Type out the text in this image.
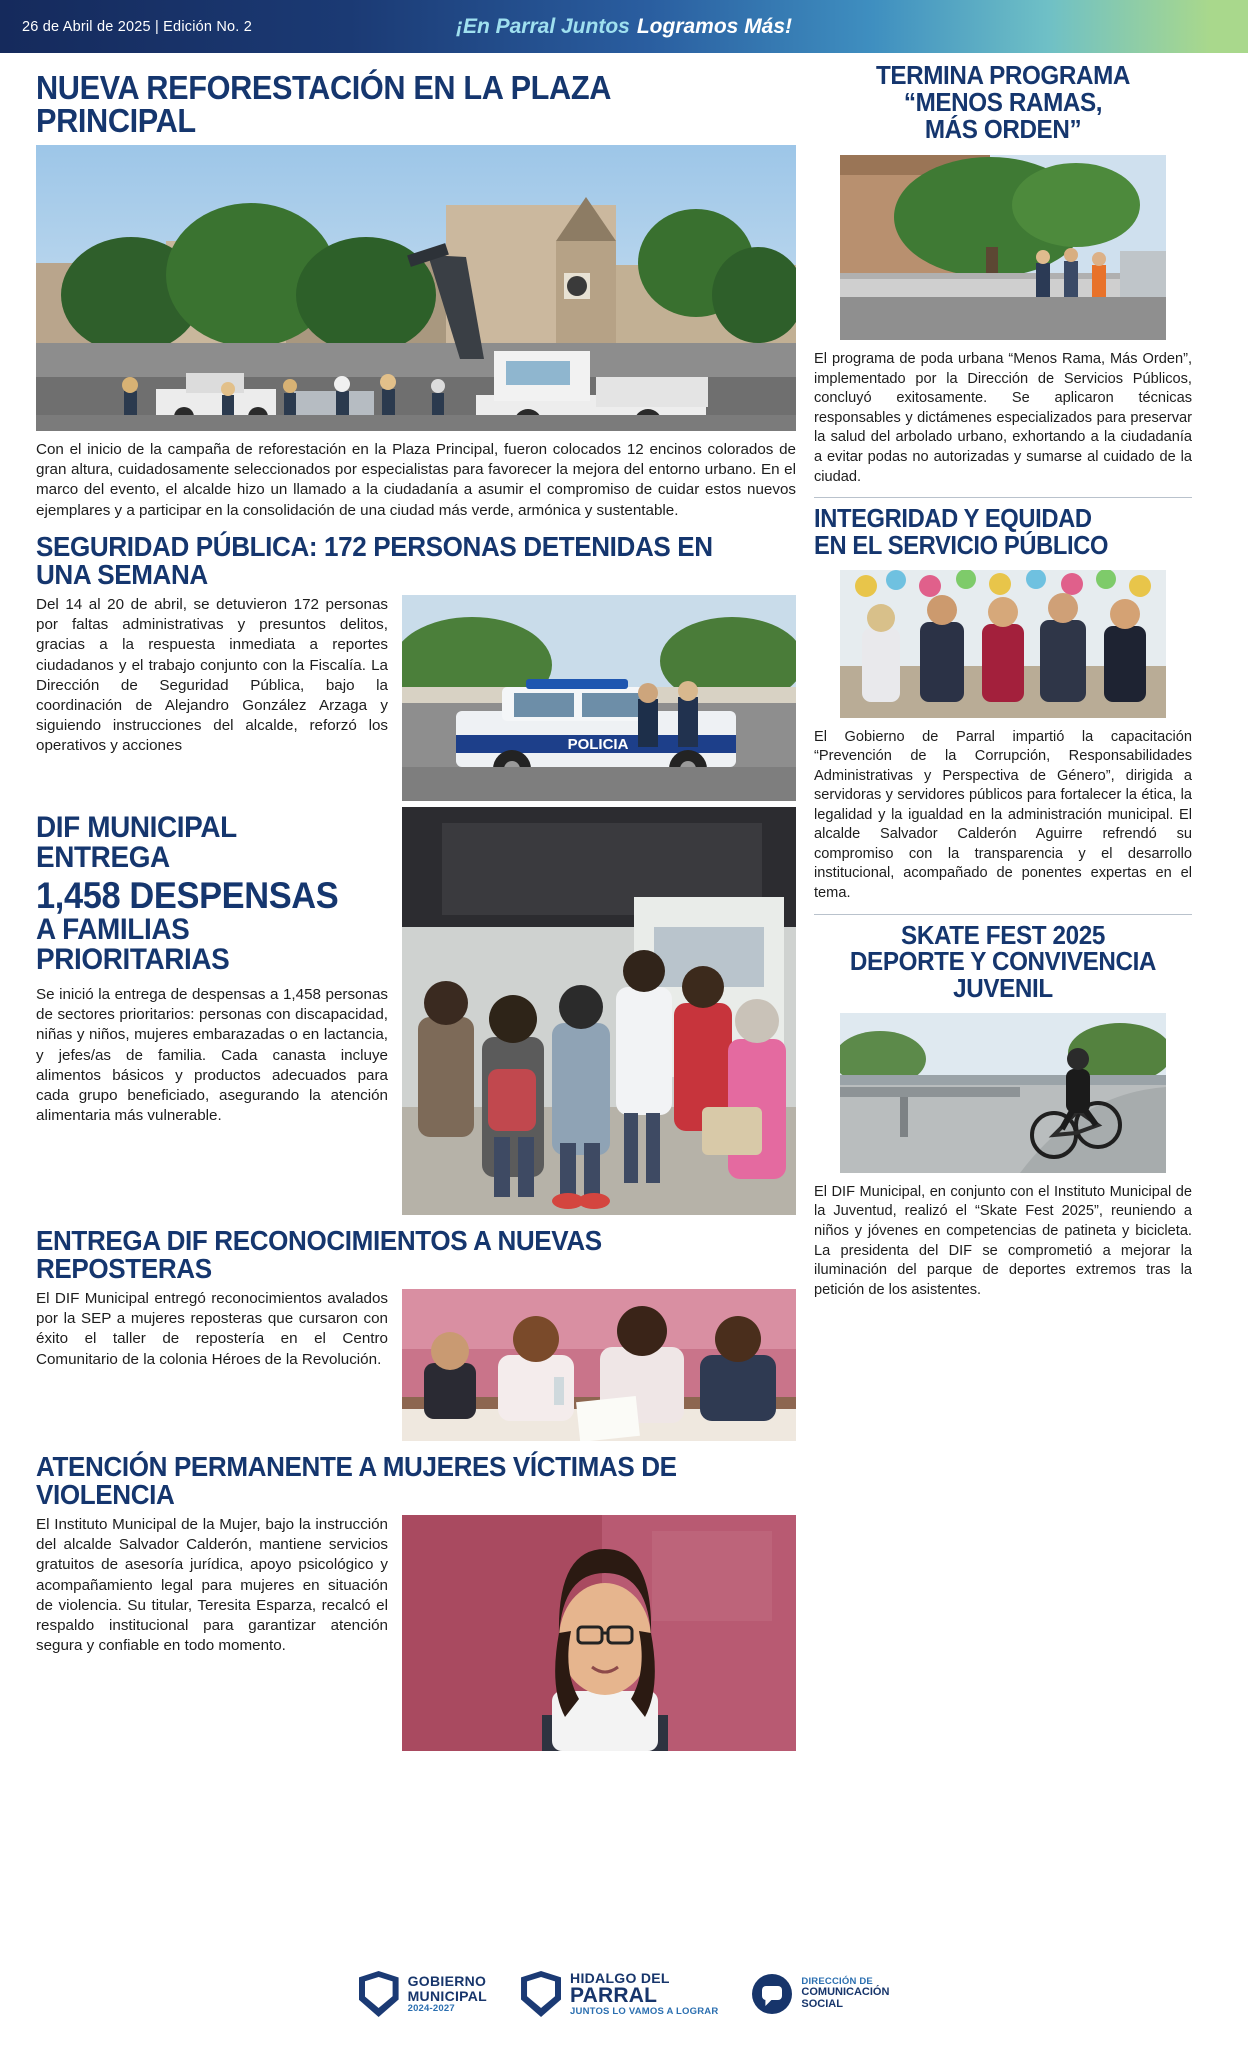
26 de Abril de 2025 | Edición No. 2	¡En Parral Juntos Logramos Más!
NUEVA REFORESTACIÓN EN LA PLAZA PRINCIPAL
Con el inicio de la campaña de reforestación en la Plaza Principal, fueron colocados 12 encinos colorados de gran altura, cuidadosamente seleccionados por especialistas para favorecer la mejora del entorno urbano. En el marco del evento, el alcalde hizo un llamado a la ciudadanía a asumir el compromiso de cuidar estos nuevos ejemplares y a participar en la consolidación de una ciudad más verde, armónica y sustentable.
SEGURIDAD PÚBLICA: 172 PERSONAS DETENIDAS EN UNA SEMANA
Del 14 al 20 de abril, se detuvieron 172 personas por faltas administrativas y presuntos delitos, gracias a la respuesta inmediata a reportes ciudadanos y el trabajo conjunto con la Fiscalía. La Dirección de Seguridad Pública, bajo la coordinación de Alejandro González Arzaga y siguiendo instrucciones del alcalde, reforzó los operativos y acciones	POLICIA
DIF MUNICIPAL ENTREGA
1,458 DESPENSAS
A FAMILIAS PRIORITARIAS
Se inició la entrega de despensas a 1,458 personas de sectores prioritarios: personas con discapacidad, niñas y niños, mujeres embarazadas o en lactancia, y jefes/as de familia. Cada canasta incluye alimentos básicos y productos adecuados para cada grupo beneficiado, asegurando la atención alimentaria más vulnerable.
ENTREGA DIF RECONOCIMIENTOS A NUEVAS REPOSTERAS
El DIF Municipal entregó reconocimientos avalados por la SEP a mujeres reposteras que cursaron con éxito el taller de repostería en el Centro Comunitario de la colonia Héroes de la Revolución.
ATENCIÓN PERMANENTE A MUJERES VÍCTIMAS DE VIOLENCIA
El Instituto Municipal de la Mujer, bajo la instrucción del alcalde Salvador Calderón, mantiene servicios gratuitos de asesoría jurídica, apoyo psicológico y acompañamiento legal para mujeres en situación de violencia. Su titular, Teresita Esparza, recalcó el respaldo institucional para garantizar atención segura y confiable en todo momento.
TERMINA PROGRAMA
“MENOS RAMAS,
MÁS ORDEN”
El programa de poda urbana “Menos Rama, Más Orden”, implementado por la Dirección de Servicios Públicos, concluyó exitosamente. Se aplicaron técnicas responsables y dictámenes especializados para preservar la salud del arbolado urbano, exhortando a la ciudadanía a evitar podas no autorizadas y sumarse al cuidado de la ciudad.
INTEGRIDAD Y EQUIDAD
EN EL SERVICIO PÚBLICO
El Gobierno de Parral impartió la capacitación “Prevención de la Corrupción, Responsabilidades Administrativas y Perspectiva de Género”, dirigida a servidoras y servidores públicos para fortalecer la ética, la legalidad y la igualdad en la administración municipal. El alcalde Salvador Calderón Aguirre refrendó su compromiso con la transparencia y el desarrollo institucional, acompañado de ponentes expertas en el tema.
SKATE FEST 2025
DEPORTE Y CONVIVENCIA
JUVENIL
El DIF Municipal, en conjunto con el Instituto Municipal de la Juventud, realizó el “Skate Fest 2025”, reuniendo a niños y jóvenes en competencias de patineta y bicicleta. La presidenta del DIF se comprometió a mejorar la iluminación del parque de deportes extremos tras la petición de los asistentes.
GOBIERNO
MUNICIPAL
2024-2027
HIDALGO DEL
PARRAL
JUNTOS LO VAMOS A LOGRAR
DIRECCIÓN DE
COMUNICACIÓN
SOCIAL
